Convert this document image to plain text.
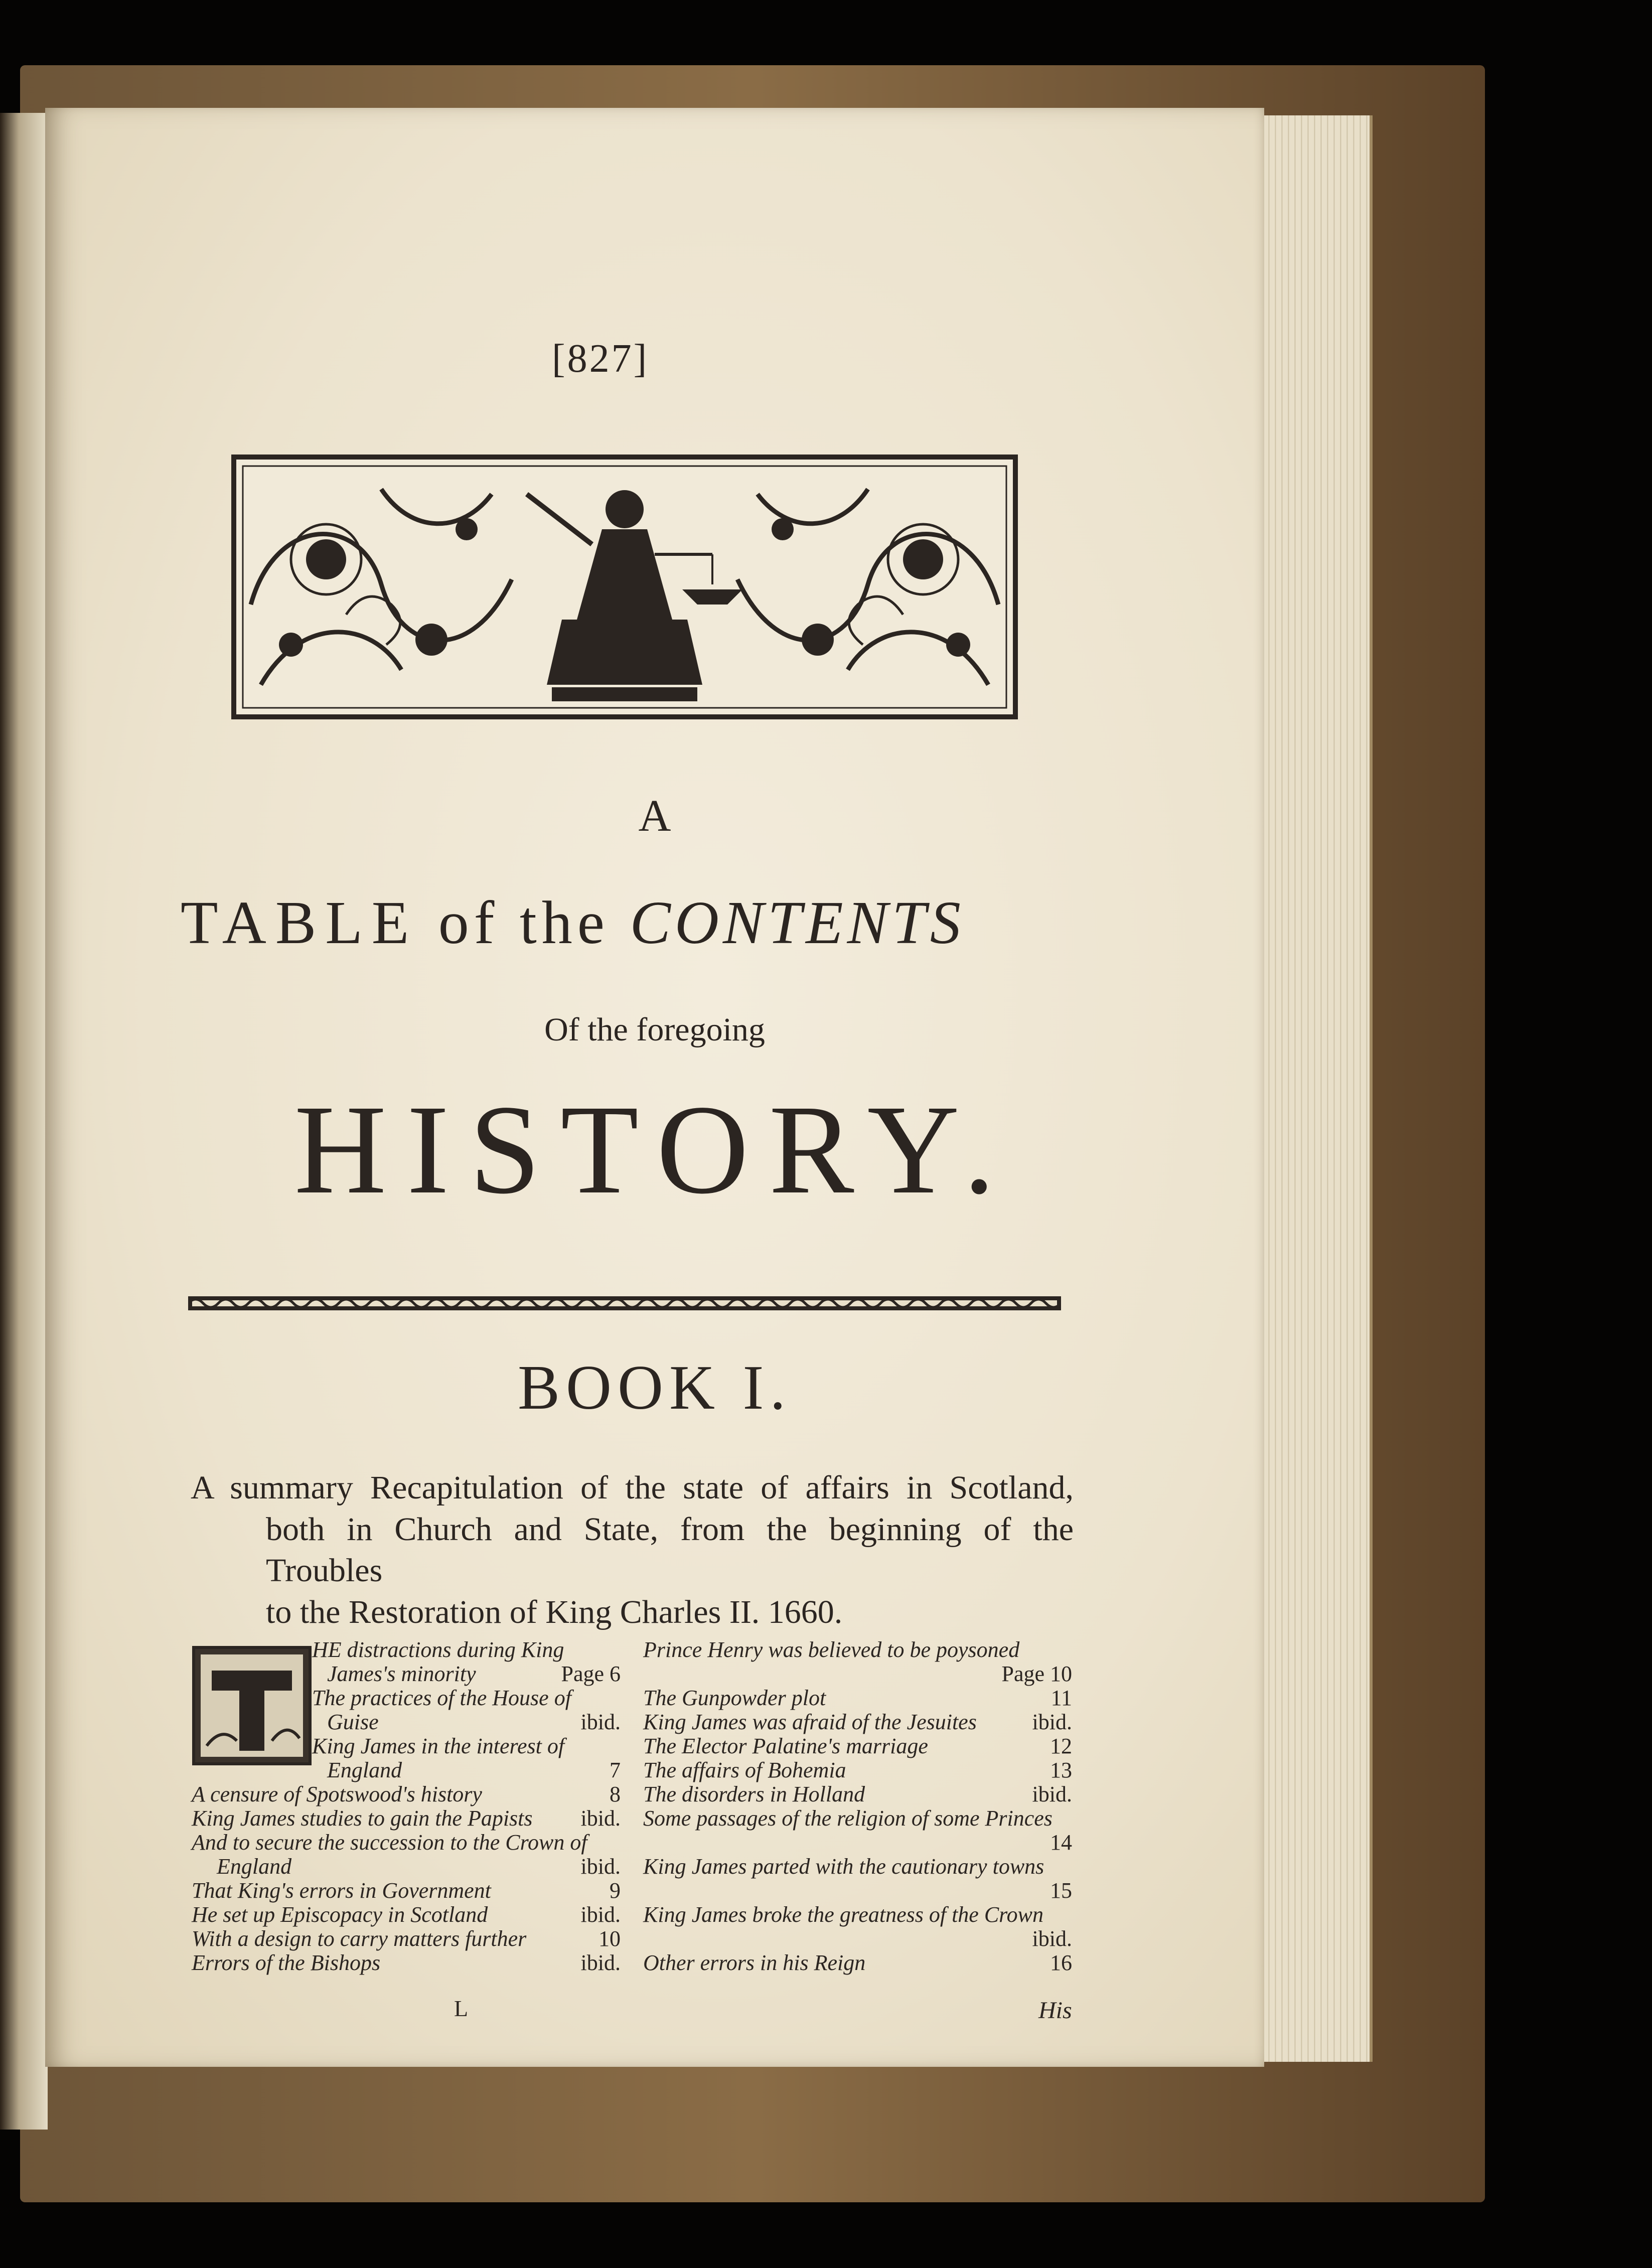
[827]
A
TABLE of the CONTENTS
Of the foregoing
HISTORY.
BOOK I.
A summary Recapitulation of the state of affairs in Scotland,
both in Church and State, from the beginning of the Troubles
to the Restoration of King Charles II. 1660.
HE distractions during King
James's minority	Page 6
The practices of the House of
Guise	ibid.
King James in the interest of
England	7
A censure of Spotswood's history	8
King James studies to gain the Papists ibid.
And to secure the succession to the Crown of
England	ibid.
That King's errors in Government	9
He set up Episcopacy in Scotland	ibid.
With a design to carry matters further	10
Errors of the Bishops	ibid.
Prince Henry was believed to be poysoned
Page 10
The Gunpowder plot	11
King James was afraid of the Jesuites	ibid.
The Elector Palatine's marriage	12
The affairs of Bohemia	13
The disorders in Holland	ibid.
Some passages of the religion of some Princes
14
King James parted with the cautionary towns
15
King James broke the greatness of the Crown
ibid.
Other errors in his Reign	16
L	His
